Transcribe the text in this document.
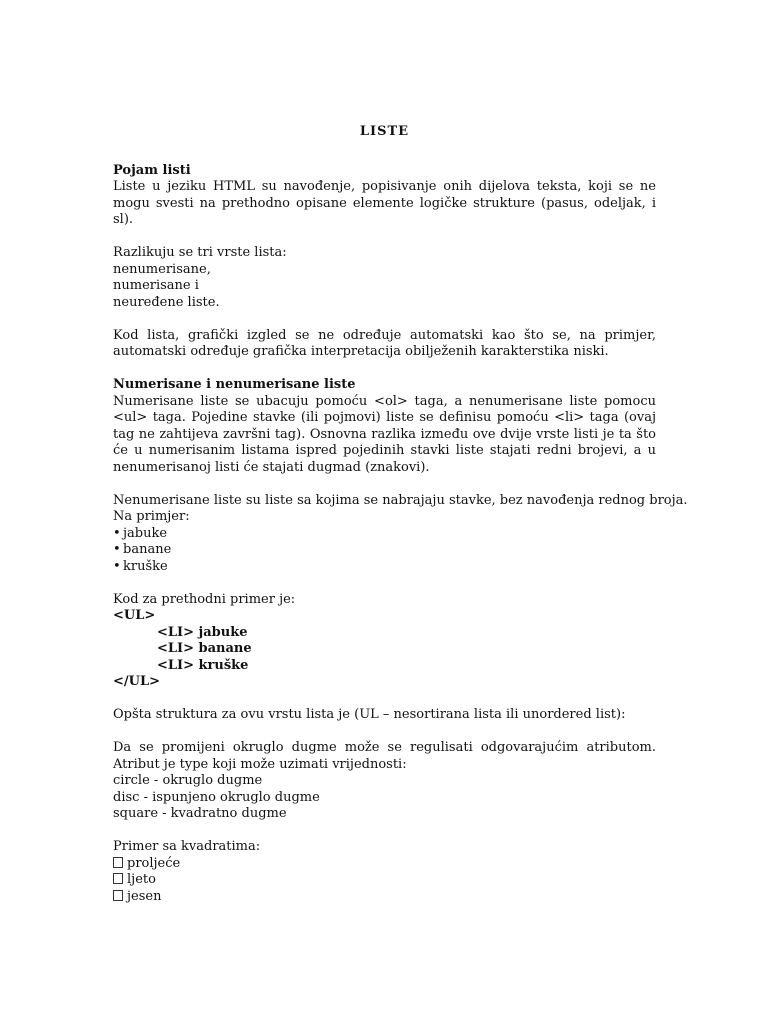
LISTE

Pojam listi

Liste u jeziku HTML su navođenje, popisivanje onih dijelova teksta, koji se ne mogu svesti na prethodno opisane elemente logičke strukture (pasus, odeljak, i sl).

Razlikuju se tri vrste lista:

nenumerisane,

numerisane i

neuređene liste.

Kod lista, grafički izgled se ne određuje automatski kao što se, na primjer, automatski određuje grafička interpretacija obilježenih karakterstika niski.

Numerisane i nenumerisane liste

Numerisane liste se ubacuju pomoću <ol> taga, a nenumerisane liste pomocu <ul> taga. Pojedine stavke (ili pojmovi) liste se definisu pomoću <li> taga (ovaj tag ne zahtijeva završni tag). Osnovna razlika između ove dvije vrste listi je ta što će u numerisanim listama ispred pojedinih stavki liste stajati redni brojevi, a u nenumerisanoj listi će stajati dugmad (znakovi).

Nenumerisane liste su liste sa kojima se nabrajaju stavke, bez navođenja rednog broja.

Na primjer:

• jabuke

• banane

• kruške

Kod za prethodni primer je:

<UL>

<LI> jabuke

<LI> banane

<LI> kruške

</UL>

Opšta struktura za ovu vrstu lista je (UL – nesortirana lista ili unordered list):

Da se promijeni okruglo dugme može se regulisati odgovarajućim atributom. Atribut je type koji može uzimati vrijednosti:

circle - okruglo dugme

disc - ispunjeno okruglo dugme

square - kvadratno dugme

Primer sa kvadratima:

proljeće

ljeto

jesen
